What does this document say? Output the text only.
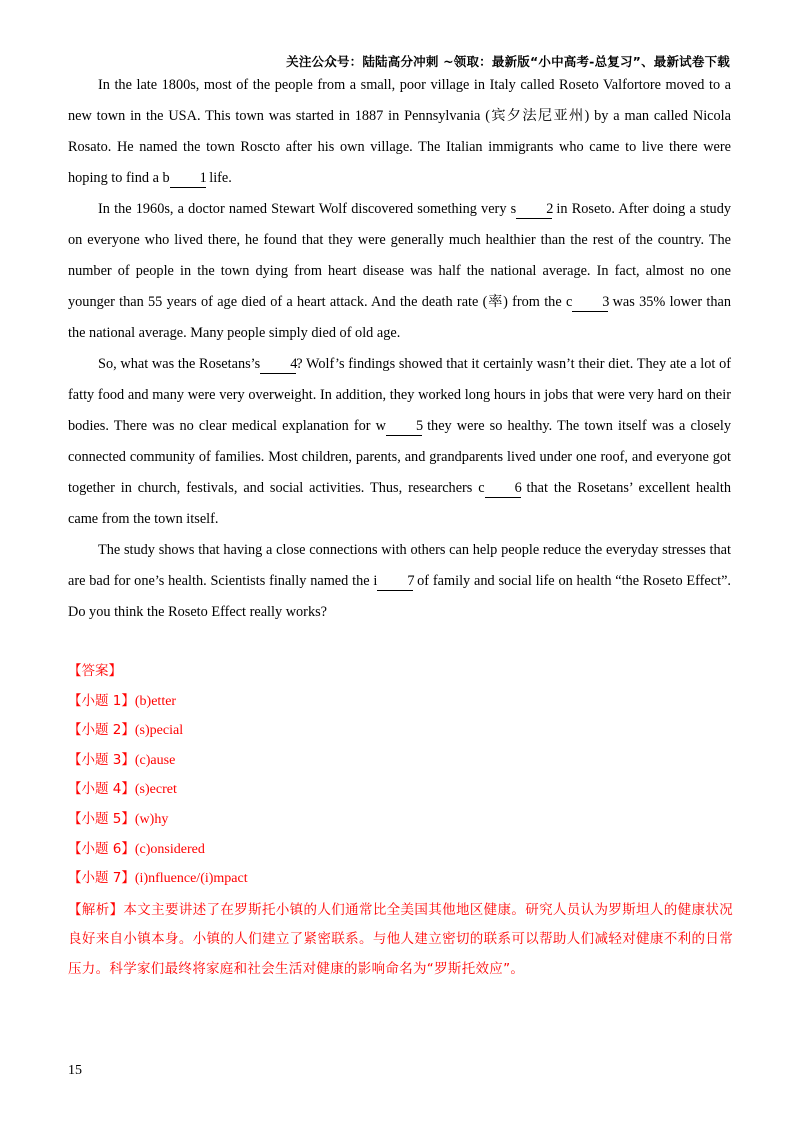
关注公众号：陆陆高分冲刺 ~领取：最新版“小中高考-总复习”、最新试卷下载

In the late 1800s, most of the people from a small, poor village in Italy called Roseto Valfortore moved to a new town in the USA. This town was started in 1887 in Pennsylvania (宾夕法尼亚州) by a man called Nicola Rosato. He named the town Roscto after his own village. The Italian immigrants who came to live there were hoping to find a b 1 life.

In the 1960s, a doctor named Stewart Wolf discovered something very s 2 in Roseto. After doing a study on everyone who lived there, he found that they were generally much healthier than the rest of the country. The number of people in the town dying from heart disease was half the national average. In fact, almost no one younger than 55 years of age died of a heart attack. And the death rate (率) from the c 3 was 35% lower than the national average. Many people simply died of old age.

So, what was the Rosetans’s 4? Wolf’s findings showed that it certainly wasn’t their diet. They ate a lot of fatty food and many were very overweight. In addition, they worked long hours in jobs that were very hard on their bodies. There was no clear medical explanation for w 5 they were so healthy. The town itself was a closely connected community of families. Most children, parents, and grandparents lived under one roof, and everyone got together in church, festivals, and social activities. Thus, researchers c 6 that the Rosetans’ excellent health came from the town itself.

The study shows that having a close connections with others can help people reduce the everyday stresses that are bad for one’s health. Scientists finally named the i 7 of family and social life on health “the Roseto Effect”. Do you think the Roseto Effect really works?

【答案】
【小题 1】(b)etter
【小题 2】(s)pecial
【小题 3】(c)ause
【小题 4】(s)ecret
【小题 5】(w)hy
【小题 6】(c)onsidered
【小题 7】(i)nfluence/(i)mpact
【解析】本文主要讲述了在罗斯托小镇的人们通常比全美国其他地区健康。研究人员认为罗斯坦人的健康状况良好来自小镇本身。小镇的人们建立了紧密联系。与他人建立密切的联系可以帮助人们减轻对健康不利的日常压力。科学家们最终将家庭和社会生活对健康的影响命名为“罗斯托效应”。
15
